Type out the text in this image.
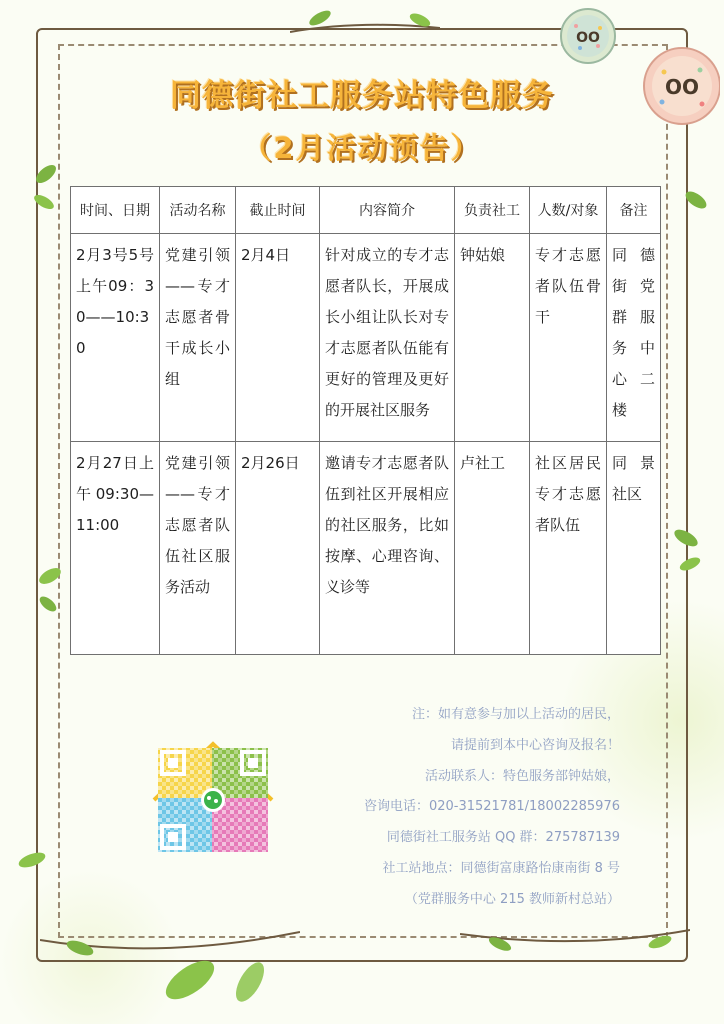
OO
OO
同德街社工服务站特色服务
（2月活动预告）
时间、日期	活动名称	截止时间	内容简介	负责社工	人数/对象	备注
2月3号5号上午09：30——10:30	党建引领——专才志愿者骨干成长小组	2月4日	针对成立的专才志愿者队长，开展成长小组让队长对专才志愿者队伍能有更好的管理及更好的开展社区服务	钟姑娘	专才志愿者队伍骨干	同德街党群服务中心二楼
2月27日上午09:30—11:00	党建引领——专才志愿者队伍社区服务活动	2月26日	邀请专才志愿者队伍到社区开展相应的社区服务，比如按摩、心理咨询、义诊等	卢社工	社区居民专才志愿者队伍	同景社区
注：如有意参与加以上活动的居民，
请提前到本中心咨询及报名！
活动联系人：特色服务部钟姑娘，
咨询电话：020-31521781/18002285976
同德街社工服务站 QQ 群：275787139
社工站地点：同德街富康路怡康南街 8 号
（党群服务中心 215 教师新村总站）
